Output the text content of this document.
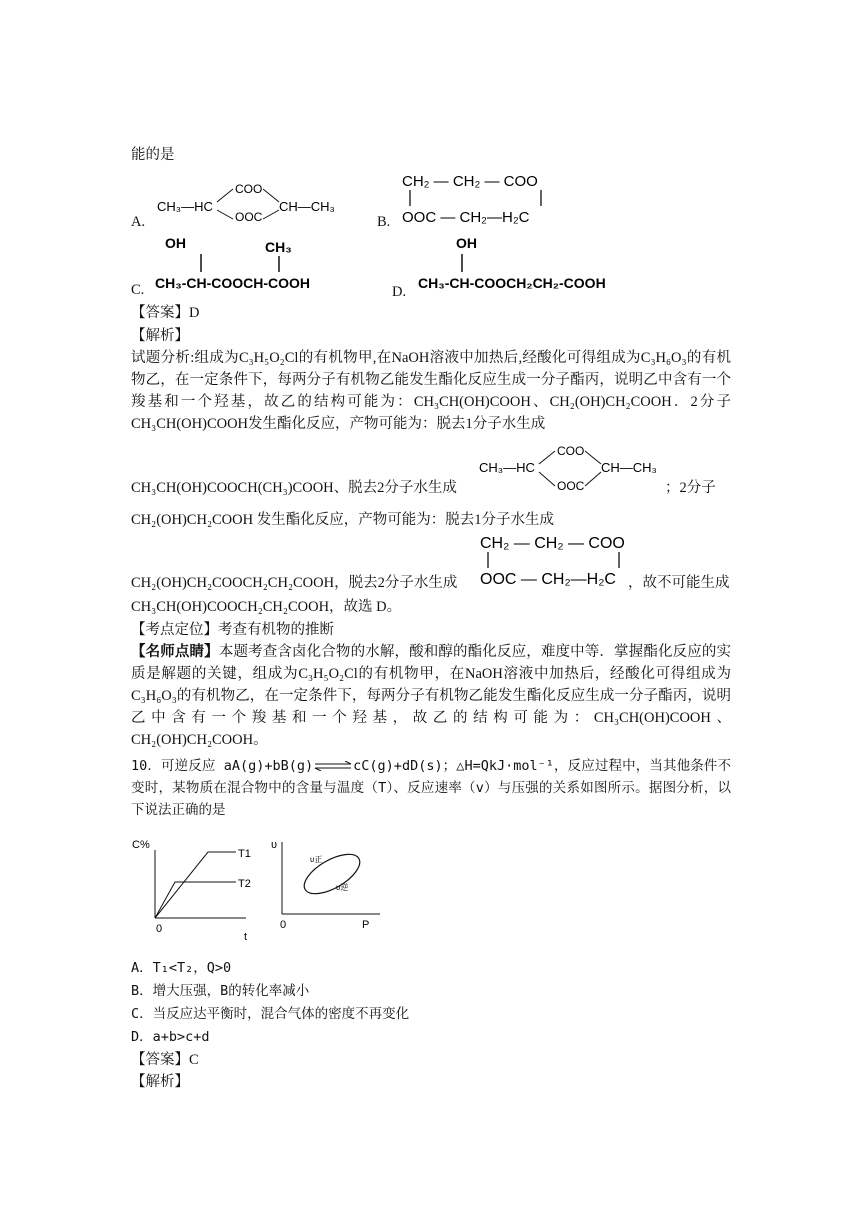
能的是
A.
CH₃—HC
COO
OOC
CH—CH₃
B.
CH₂ — CH₂ — COO
OOC — CH₂—H₂C
C.
OH	CH₃
CH₃-CH-COOCH-COOH
D.
OH
CH₃-CH-COOCH₂CH₂-COOH
【答案】D
【解析】
试题分析:组成为C₃H₅O₂Cl的有机物甲,在NaOH溶液中加热后,经酸化可得组成为C₃H₆O₃的有机物乙，在一定条件下，每两分子有机物乙能发生酯化反应生成一分子酯丙，说明乙中含有一个羧基和一个羟基，故乙的结构可能为：CH₃CH(OH)COOH、CH₂(OH)CH₂COOH．2分子CH₃CH(OH)COOH发生酯化反应，产物可能为：脱去1分子水生成
CH₃CH(OH)COOCH(CH₃)COOH、脱去2分子水生成
CH₃—HC
COO
OOC
CH—CH₃
；2分子
CH₂(OH)CH₂COOH 发生酯化反应，产物可能为：脱去1分子水生成
CH₂(OH)CH₂COOCH₂CH₂COOH，脱去2分子水生成
CH₂ — CH₂ — COO
OOC — CH₂—H₂C ，故不可能生成
CH₃CH(OH)COOCH₂CH₂COOH，故选 D。
【考点定位】考查有机物的推断
【名师点睛】本题考查含卤化合物的水解，酸和醇的酯化反应，难度中等．掌握酯化反应的实质是解题的关键，组成为C₃H₅O₂Cl的有机物甲，在NaOH溶液中加热后，经酸化可得组成为C₃H₆O₃的有机物乙，在一定条件下，每两分子有机物乙能发生酯化反应生成一分子酯丙，说明乙中含有一个羧基和一个羟基，故乙的结构可能为：CH₃CH(OH)COOH、CH₂(OH)CH₂COOH。
10．可逆反应 aA(g)+bB(g)⇌cC(g)+dD(s)；△H=QkJ·mol⁻¹，反应过程中，当其他条件不变时，某物质在混合物中的含量与温度（T）、反应速率（v）与压强的关系如图所示。据图分析，以下说法正确的是
C%
T1
T2
0
t
υ
υ正
υ逆
0	P
A．T₁<T₂，Q>0
B．增大压强，B的转化率减小
C．当反应达平衡时，混合气体的密度不再变化
D．a+b>c+d
【答案】C
【解析】
